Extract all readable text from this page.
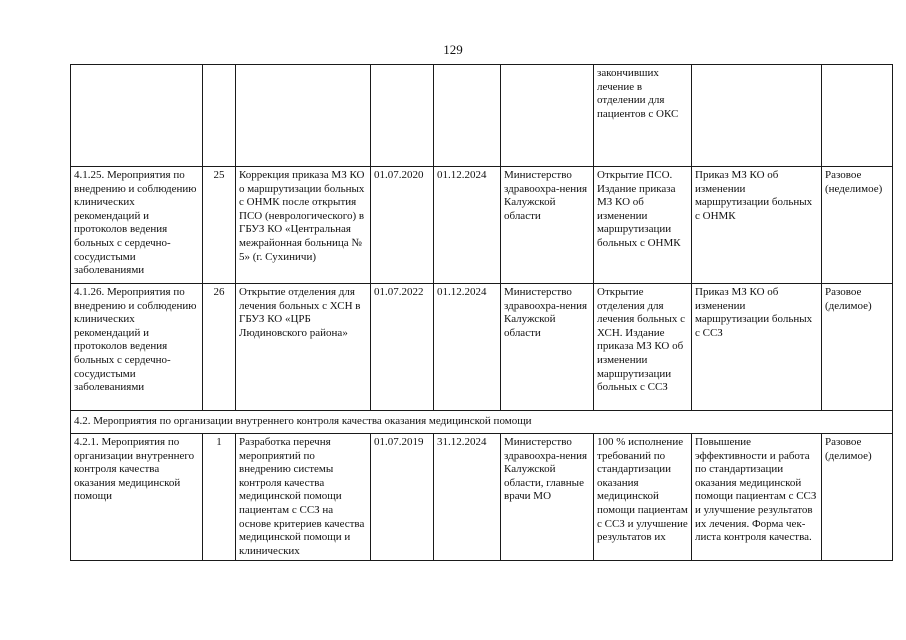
129
						закончивших лечение в отделении для пациентов с ОКС		
4.1.25. Мероприятия по внедрению и соблюдению клинических рекомендаций и протоколов ведения больных с сердечно-сосудистыми заболеваниями	25	Коррекция приказа МЗ КО о маршрутизации больных с ОНМК после открытия ПСО (неврологического) в ГБУЗ КО «Центральная межрайонная больница № 5» (г. Сухиничи)	01.07.2020	01.12.2024	Министерство здравоохра-нения Калужской области	Открытие ПСО. Издание приказа МЗ КО об изменении маршрутизации больных с ОНМК	Приказ МЗ КО об изменении маршрутизации больных с ОНМК	Разовое (неделимое)
4.1.26. Мероприятия по внедрению и соблюдению клинических рекомендаций и протоколов ведения больных с сердечно-сосудистыми заболеваниями	26	Открытие отделения для лечения больных с ХСН в ГБУЗ КО «ЦРБ Людиновского района»	01.07.2022	01.12.2024	Министерство здравоохра-нения Калужской области	Открытие отделения для лечения больных с ХСН. Издание приказа МЗ КО об изменении маршрутизации больных с ССЗ	Приказ МЗ КО об изменении маршрутизации больных с ССЗ	Разовое (делимое)
4.2. Мероприятия по организации внутреннего контроля качества оказания медицинской помощи								
4.2.1. Мероприятия по организации внутреннего контроля качества оказания медицинской помощи	1	Разработка перечня мероприятий по внедрению системы контроля качества медицинской помощи пациентам с ССЗ на основе критериев качества медицинской помощи и клинических	01.07.2019	31.12.2024	Министерство здравоохра-нения Калужской области, главные врачи МО	100 % исполнение требований по стандартизации оказания медицинской помощи пациентам с ССЗ и улучшение результатов их	Повышение эффективности и работа по стандартизации оказания медицинской помощи пациентам с ССЗ и улучшение результатов их лечения. Форма чек-листа контроля качества.	Разовое (делимое)
